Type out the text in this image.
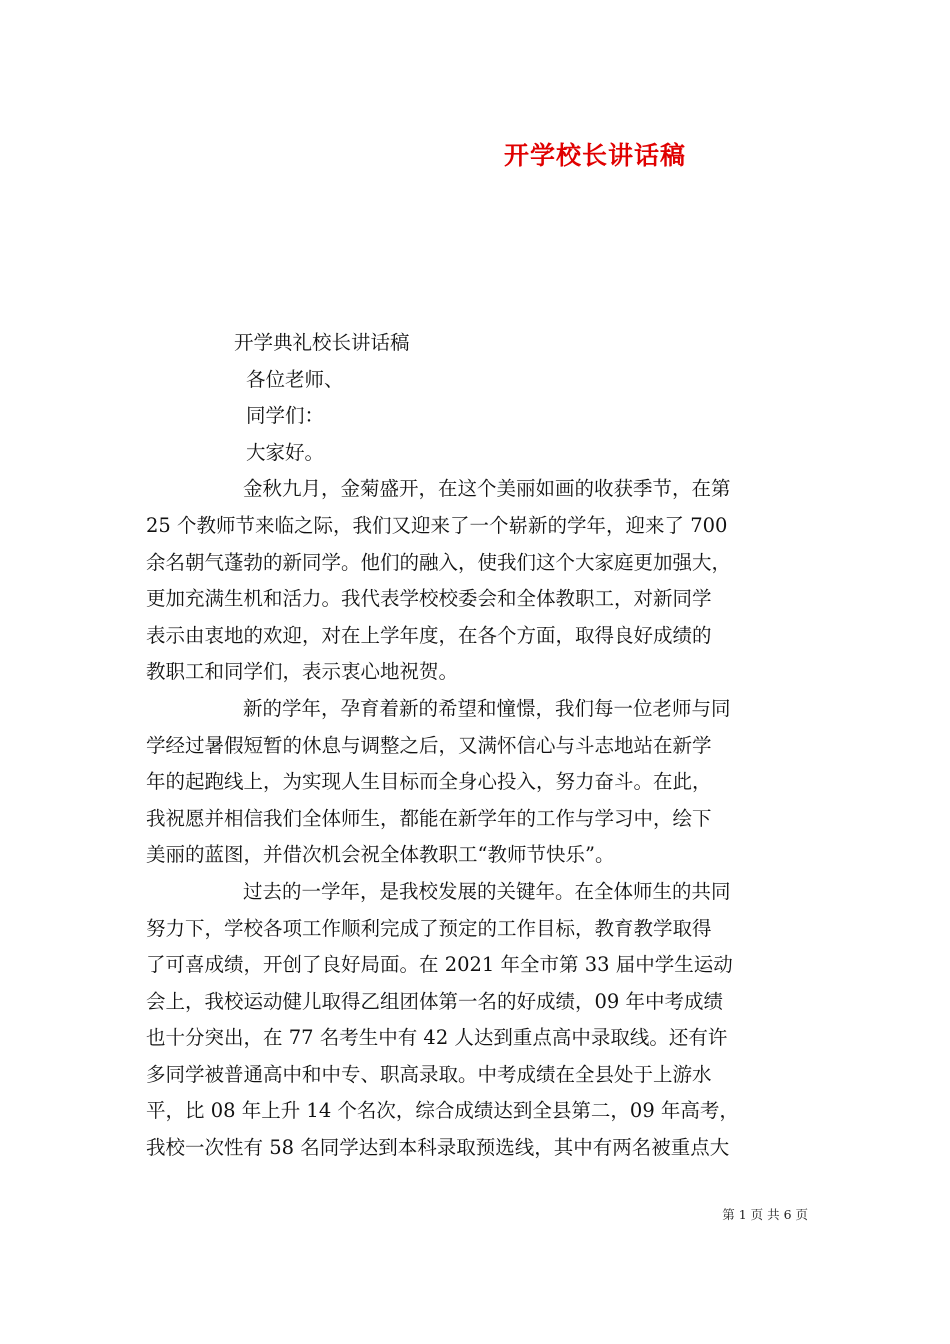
开学校长讲话稿
开学典礼校长讲话稿
各位老师、
同学们：
大家好。
金秋九月，金菊盛开，在这个美丽如画的收获季节，在第
25 个教师节来临之际，我们又迎来了一个崭新的学年，迎来了 700
余名朝气蓬勃的新同学。他们的融入，使我们这个大家庭更加强大，
更加充满生机和活力。我代表学校校委会和全体教职工，对新同学
表示由衷地的欢迎，对在上学年度，在各个方面，取得良好成绩的
教职工和同学们，表示衷心地祝贺。
新的学年，孕育着新的希望和憧憬，我们每一位老师与同
学经过暑假短暂的休息与调整之后，又满怀信心与斗志地站在新学
年的起跑线上，为实现人生目标而全身心投入，努力奋斗。在此，
我祝愿并相信我们全体师生，都能在新学年的工作与学习中，绘下
美丽的蓝图，并借次机会祝全体教职工“教师节快乐”。
过去的一学年，是我校发展的关键年。在全体师生的共同
努力下，学校各项工作顺利完成了预定的工作目标，教育教学取得
了可喜成绩，开创了良好局面。在 2021 年全市第 33 届中学生运动
会上，我校运动健儿取得乙组团体第一名的好成绩，09 年中考成绩
也十分突出，在 77 名考生中有 42 人达到重点高中录取线。还有许
多同学被普通高中和中专、职高录取。中考成绩在全县处于上游水
平，比 08 年上升 14 个名次，综合成绩达到全县第二，09 年高考，
我校一次性有 58 名同学达到本科录取预选线，其中有两名被重点大
第 1 页 共 6 页
